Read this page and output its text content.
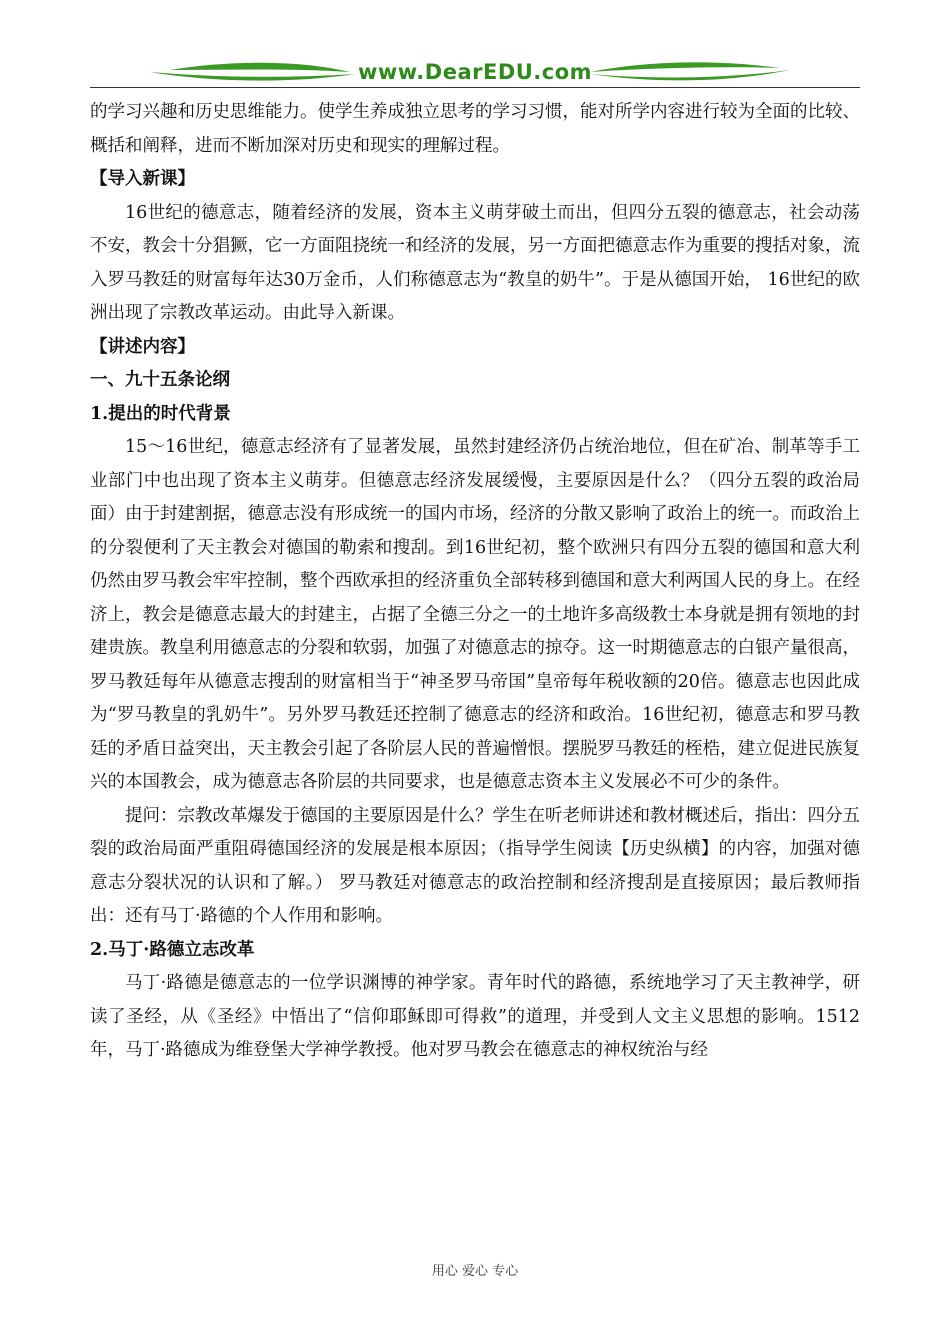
www.DearEDU.com

的学习兴趣和历史思维能力。使学生养成独立思考的学习习惯，能对所学内容进行较为全面的比较、概括和阐释，进而不断加深对历史和现实的理解过程。

【导入新课】

16世纪的德意志，随着经济的发展，资本主义萌芽破土而出，但四分五裂的德意志，社会动荡不安，教会十分猖獗，它一方面阻挠统一和经济的发展，另一方面把德意志作为重要的搜括对象，流入罗马教廷的财富每年达30万金币，人们称德意志为“教皇的奶牛”。于是从德国开始， 16世纪的欧洲出现了宗教改革运动。由此导入新课。

【讲述内容】

一、九十五条论纲

1.提出的时代背景

15～16世纪，德意志经济有了显著发展，虽然封建经济仍占统治地位，但在矿冶、制革等手工业部门中也出现了资本主义萌芽。但德意志经济发展缓慢，主要原因是什么？（四分五裂的政治局面）由于封建割据，德意志没有形成统一的国内市场，经济的分散又影响了政治上的统一。而政治上的分裂便利了天主教会对德国的勒索和搜刮。到16世纪初，整个欧洲只有四分五裂的德国和意大利仍然由罗马教会牢牢控制，整个西欧承担的经济重负全部转移到德国和意大利两国人民的身上。在经济上，教会是德意志最大的封建主，占据了全德三分之一的土地许多高级教士本身就是拥有领地的封建贵族。教皇利用德意志的分裂和软弱，加强了对德意志的掠夺。这一时期德意志的白银产量很高，罗马教廷每年从德意志搜刮的财富相当于“神圣罗马帝国”皇帝每年税收额的20倍。德意志也因此成为“罗马教皇的乳奶牛”。另外罗马教廷还控制了德意志的经济和政治。16世纪初，德意志和罗马教廷的矛盾日益突出，天主教会引起了各阶层人民的普遍憎恨。摆脱罗马教廷的桎梏，建立促进民族复兴的本国教会，成为德意志各阶层的共同要求，也是德意志资本主义发展必不可少的条件。

提问：宗教改革爆发于德国的主要原因是什么？学生在听老师讲述和教材概述后，指出：四分五裂的政治局面严重阻碍德国经济的发展是根本原因；（指导学生阅读【历史纵横】的内容，加强对德意志分裂状况的认识和了解。） 罗马教廷对德意志的政治控制和经济搜刮是直接原因；最后教师指出：还有马丁·路德的个人作用和影响。

2.马丁·路德立志改革

马丁·路德是德意志的一位学识渊博的神学家。青年时代的路德，系统地学习了天主教神学，研读了圣经，从《圣经》中悟出了“信仰耶稣即可得救”的道理，并受到人文主义思想的影响。1512年，马丁·路德成为维登堡大学神学教授。他对罗马教会在德意志的神权统治与经

用心 爱心 专心
